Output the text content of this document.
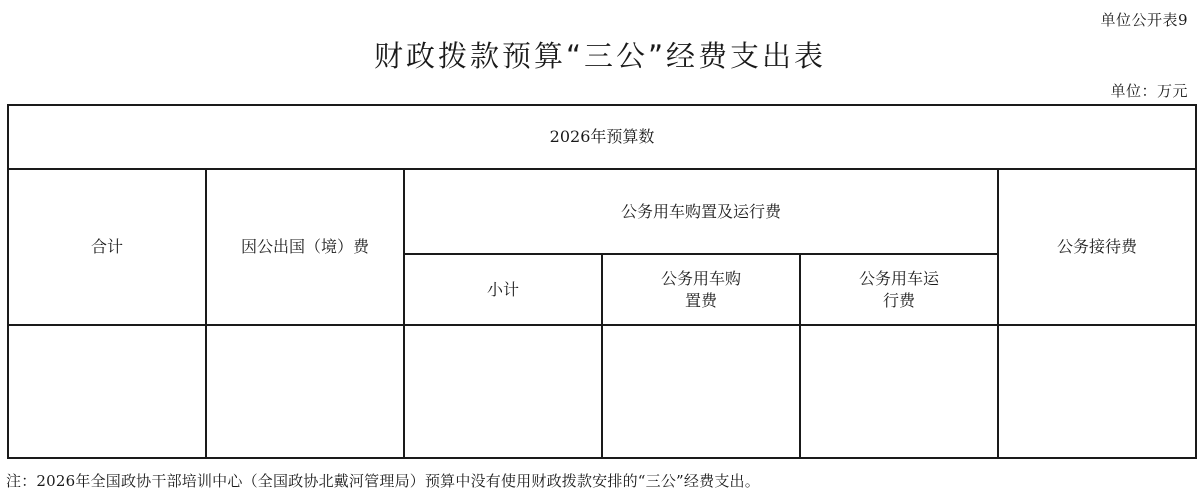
单位公开表9
财政拨款预算“三公”经费支出表
单位：万元
2026年预算数					
合计	因公出国（境）费	公务用车购置及运行费			公务接待费
		小计	公务用车购置费	公务用车运行费	

注：2026年全国政协干部培训中心（全国政协北戴河管理局）预算中没有使用财政拨款安排的“三公”经费支出。
